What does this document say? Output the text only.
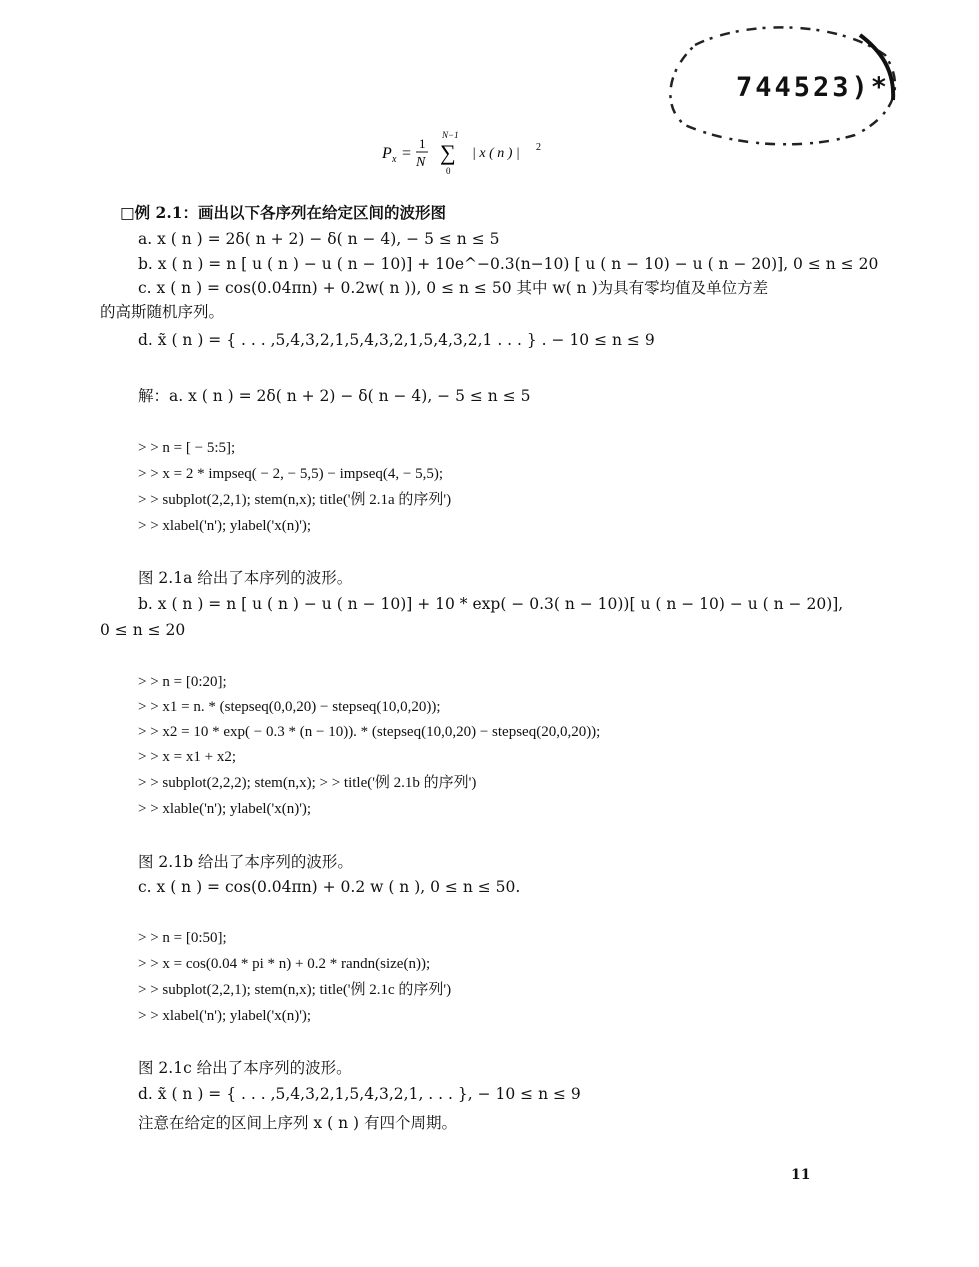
744523)*
P x =
1
N
N−1
∑
0
| x ( n ) | 2
□例 2.1：画出以下各序列在给定区间的波形图
a. x ( n ) = 2δ( n + 2) − δ( n − 4), − 5 ≤ n ≤ 5
b. x ( n ) = n [ u ( n ) − u ( n − 10)] + 10e^−0.3(n−10) [ u ( n − 10) − u ( n − 20)], 0 ≤ n ≤ 20
c. x ( n ) = cos(0.04πn) + 0.2w( n )), 0 ≤ n ≤ 50 其中 w( n )为具有零均值及单位方差
的高斯随机序列。
d. x̃ ( n ) = { . . . ,5,4,3,2,1,5,4,3,2,1,5,4,3,2,1 . . . } . − 10 ≤ n ≤ 9
解：a. x ( n ) = 2δ( n + 2) − δ( n − 4), − 5 ≤ n ≤ 5
> > n = [ − 5:5];
> > x = 2 * impseq( − 2, − 5,5) − impseq(4, − 5,5);
> > subplot(2,2,1); stem(n,x); title('例 2.1a 的序列')
> > xlabel('n'); ylabel('x(n)');
图 2.1a 给出了本序列的波形。
b. x ( n ) = n [ u ( n ) − u ( n − 10)] + 10 * exp( − 0.3( n − 10))[ u ( n − 10) − u ( n − 20)],
0 ≤ n ≤ 20
> > n = [0:20];
> > x1 = n. * (stepseq(0,0,20) − stepseq(10,0,20));
> > x2 = 10 * exp( − 0.3 * (n − 10)). * (stepseq(10,0,20) − stepseq(20,0,20));
> > x = x1 + x2;
> > subplot(2,2,2); stem(n,x); > > title('例 2.1b 的序列')
> > xlable('n'); ylabel('x(n)');
图 2.1b 给出了本序列的波形。
c. x ( n ) = cos(0.04πn) + 0.2 w ( n ), 0 ≤ n ≤ 50.
> > n = [0:50];
> > x = cos(0.04 * pi * n) + 0.2 * randn(size(n));
> > subplot(2,2,1); stem(n,x); title('例 2.1c 的序列')
> > xlabel('n'); ylabel('x(n)');
图 2.1c 给出了本序列的波形。
d. x̃ ( n ) = { . . . ,5,4,3,2,1,5,4,3,2,1, . . . }, − 10 ≤ n ≤ 9
注意在给定的区间上序列 x ( n ) 有四个周期。
11
